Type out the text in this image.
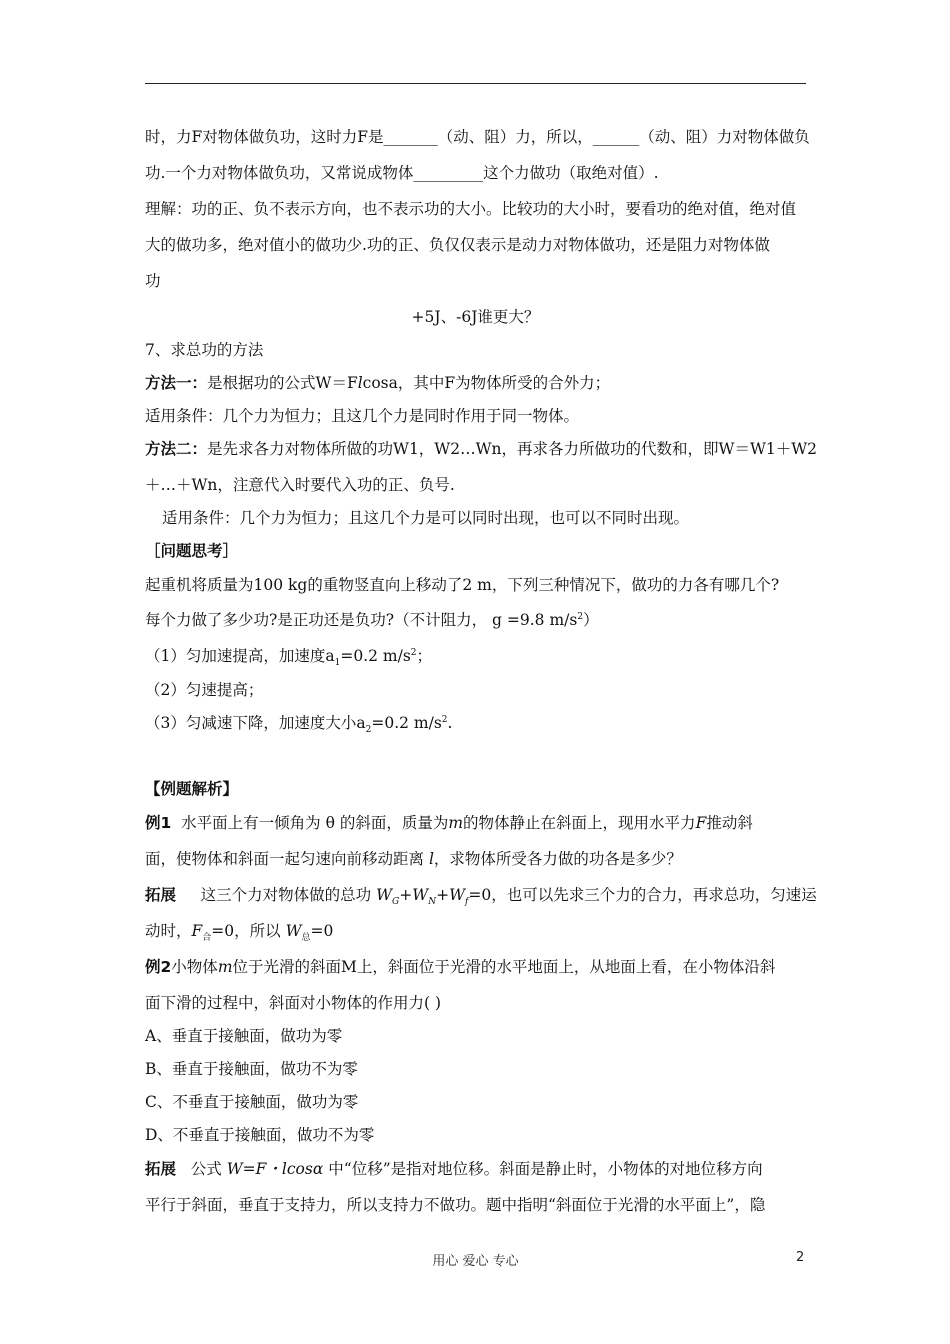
时，力F对物体做负功，这时力F是_______（动、阻）力，所以，______（动、阻）力对物体做负
功.一个力对物体做负功，又常说成物体_________这个力做功（取绝对值）.
理解：功的正、负不表示方向，也不表示功的大小。比较功的大小时，要看功的绝对值，绝对值
大的做功多，绝对值小的做功少.功的正、负仅仅表示是动力对物体做功，还是阻力对物体做
功
+5J、-6J谁更大？
7、求总功的方法
方法一：是根据功的公式W＝Flcosa，其中F为物体所受的合外力；
适用条件：几个力为恒力；且这几个力是同时作用于同一物体。
方法二：是先求各力对物体所做的功W1，W2…Wn，再求各力所做功的代数和，即W＝W1＋W2
＋…＋Wn，注意代入时要代入功的正、负号.
适用条件：几个力为恒力；且这几个力是可以同时出现，也可以不同时出现。
［问题思考］
起重机将质量为100 kg的重物竖直向上移动了2 m，下列三种情况下，做功的力各有哪几个?
每个力做了多少功?是正功还是负功?（不计阻力， g =9.8 $m/s^2$）
（1）匀加速提高，加速度$a_1=0.2$ $m/s^2$；
（2）匀速提高；
（3）匀减速下降，加速度大小$a_2=0.2$ $m/s^2$.
【例题解析】
例1 水平面上有一倾角为 θ 的斜面，质量为m的物体静止在斜面上，现用水平力F推动斜
面，使物体和斜面一起匀速向前移动距离 l，求物体所受各力做的功各是多少？
拓展 这三个力对物体做的总功 $W_G+W_N+W_f=0$，也可以先求三个力的合力，再求总功，匀速运
动时，$F_合=0$，所以 $W_总=0$
例2小物体m位于光滑的斜面M上，斜面位于光滑的水平地面上，从地面上看，在小物体沿斜
面下滑的过程中，斜面对小物体的作用力( )
A、垂直于接触面，做功为零
B、垂直于接触面，做功不为零
C、不垂直于接触面，做功为零
D、不垂直于接触面，做功不为零
拓展 公式 W=F・lcosα 中“位移”是指对地位移。斜面是静止时，小物体的对地位移方向
平行于斜面，垂直于支持力，所以支持力不做功。题中指明“斜面位于光滑的水平面上”，隐
用心 爱心 专心	2
